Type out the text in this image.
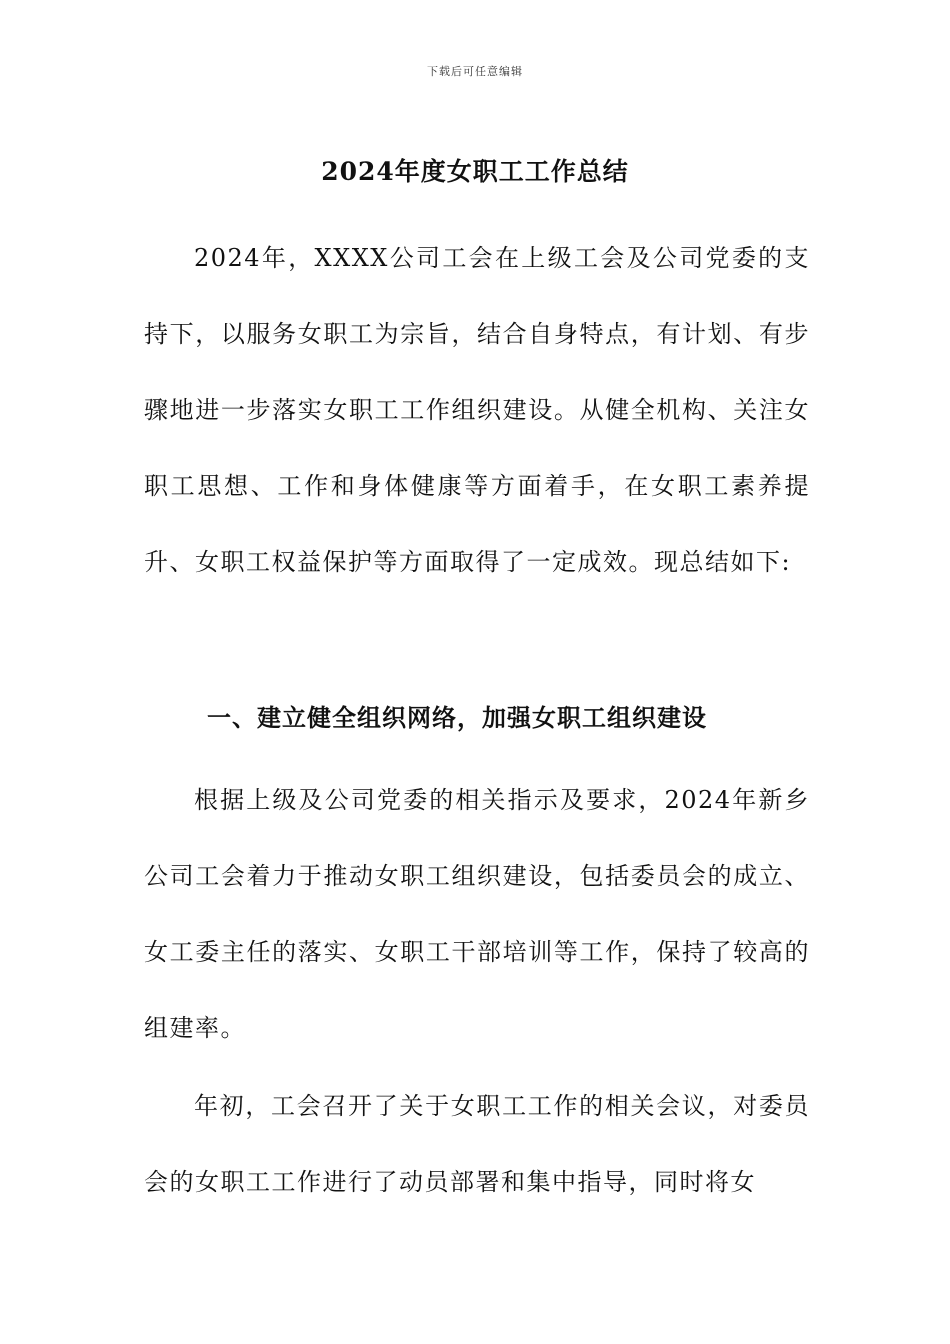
下载后可任意编辑
2024年度女职工工作总结

2024年，XXXX公司工会在上级工会及公司党委的支持下，以服务女职工为宗旨，结合自身特点，有计划、有步骤地进一步落实女职工工作组织建设。从健全机构、关注女职工思想、工作和身体健康等方面着手，在女职工素养提升、女职工权益保护等方面取得了一定成效。现总结如下:

一、建立健全组织网络，加强女职工组织建设

根据上级及公司党委的相关指示及要求，2024年新乡公司工会着力于推动女职工组织建设，包括委员会的成立、女工委主任的落实、女职工干部培训等工作，保持了较高的组建率。

年初，工会召开了关于女职工工作的相关会议，对委员会的女职工工作进行了动员部署和集中指导，同时将女
